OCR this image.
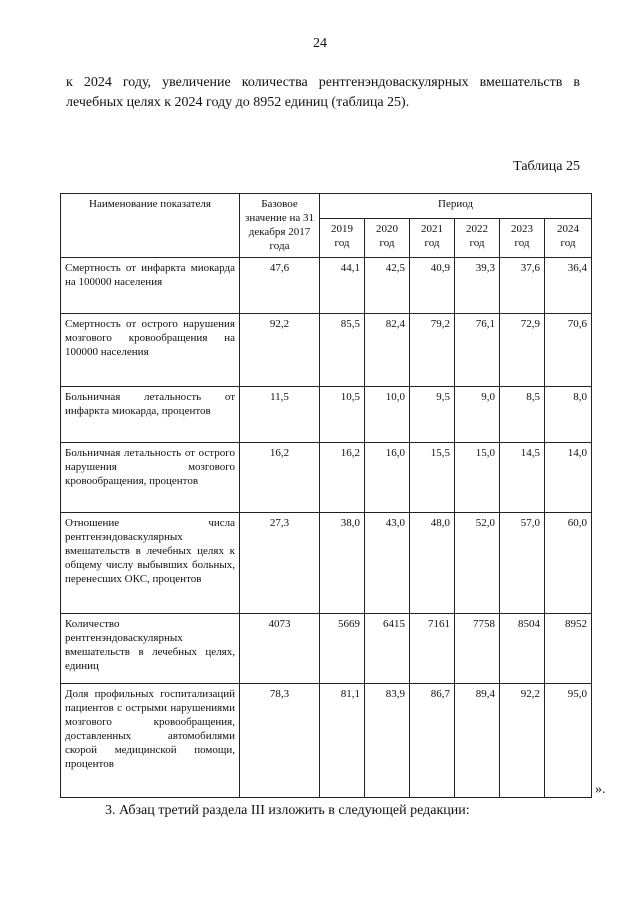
24
к 2024 году, увеличение количества рентгенэндоваскулярных вмешательств в лечебных целях к 2024 году до 8952 единиц (таблица 25).
Таблица 25
Наименование показателя	Базовое значение на 31 декабря 2017 года	Период					
		2019 год	2020 год	2021 год	2022 год	2023 год	2024 год
Смертность от инфаркта миокарда на 100000 населения	47,6	44,1	42,5	40,9	39,3	37,6	36,4
Смертность от острого нарушения мозгового кровообращения на 100000 населения	92,2	85,5	82,4	79,2	76,1	72,9	70,6
Больничная летальность от инфаркта миокарда, процентов	11,5	10,5	10,0	9,5	9,0	8,5	8,0
Больничная летальность от острого нарушения мозгового кровообращения, процентов	16,2	16,2	16,0	15,5	15,0	14,5	14,0
Отношение числа рентгенэндоваскулярных вмешательств в лечебных целях к общему числу выбывших больных, перенесших ОКС, процентов	27,3	38,0	43,0	48,0	52,0	57,0	60,0
Количество рентгенэндоваскулярных вмешательств в лечебных целях, единиц	4073	5669	6415	7161	7758	8504	8952
Доля профильных госпитализаций пациентов с острыми нарушениями мозгового кровообращения, доставленных автомобилями скорой медицинской помощи, процентов	78,3	81,1	83,9	86,7	89,4	92,2	95,0
».
3. Абзац третий раздела III изложить в следующей редакции:
